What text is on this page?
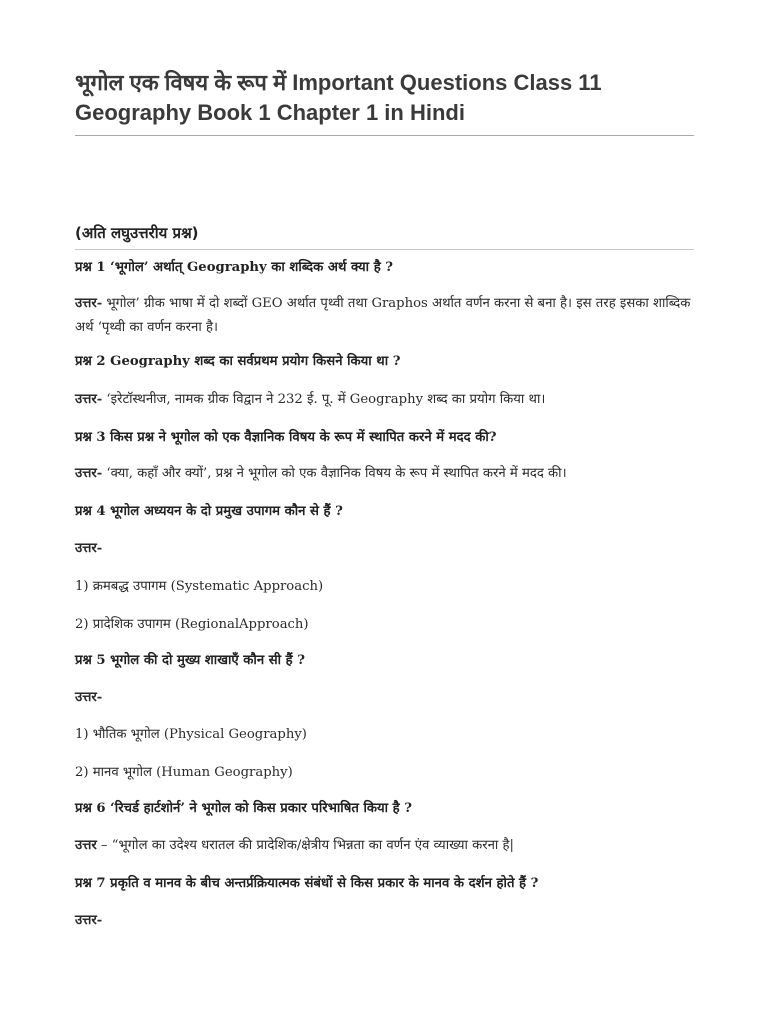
भूगोल एक विषय के रूप में Important Questions Class 11 Geography Book 1 Chapter 1 in Hindi
(अति लघुउत्तरीय प्रश्न)

प्रश्न 1 ‘भूगोल’ अर्थात् Geography का शब्दिक अर्थ क्या है ?

उत्तर- भूगोल’ ग्रीक भाषा में दो शब्दों GEO अर्थात पृथ्वी तथा Graphos अर्थात वर्णन करना से बना है। इस तरह इसका शाब्दिक अर्थ ‘पृथ्वी का वर्णन करना है।

प्रश्न 2 Geography शब्द का सर्वप्रथम प्रयोग किसने किया था ?

उत्तर- ‘इरेटॉस्थनीज, नामक ग्रीक विद्वान ने 232 ई. पू. में Geography शब्द का प्रयोग किया था।

प्रश्न 3 किस प्रश्न ने भूगोल को एक वैज्ञानिक विषय के रूप में स्थापित करने में मदद की?

उत्तर- ‘क्या, कहाँ और क्यों’, प्रश्न ने भूगोल को एक वैज्ञानिक विषय के रूप में स्थापित करने में मदद की।

प्रश्न 4 भूगोल अध्ययन के दो प्रमुख उपागम कौन से हैं ?

उत्तर-

1) क्रमबद्ध उपागम (Systematic Approach)

2) प्रादेशिक उपागम (RegionalApproach)

प्रश्न 5 भूगोल की दो मुख्य शाखाएँ कौन सी हैं ?

उत्तर-

1) भौतिक भूगोल (Physical Geography)

2) मानव भूगोल (Human Geography)

प्रश्न 6 ‘रिचर्ड हार्टशोर्न’ ने भूगोल को किस प्रकार परिभाषित किया है ?

उत्तर – “भूगोल का उदेश्य धरातल की प्रादेशिक/क्षेत्रीय भिन्नता का वर्णन एंव व्याख्या करना है|

प्रश्न 7 प्रकृति व मानव के बीच अन्तर्प्रक्रियात्मक संबंधों से किस प्रकार के मानव के दर्शन होते हैं ?

उत्तर-
